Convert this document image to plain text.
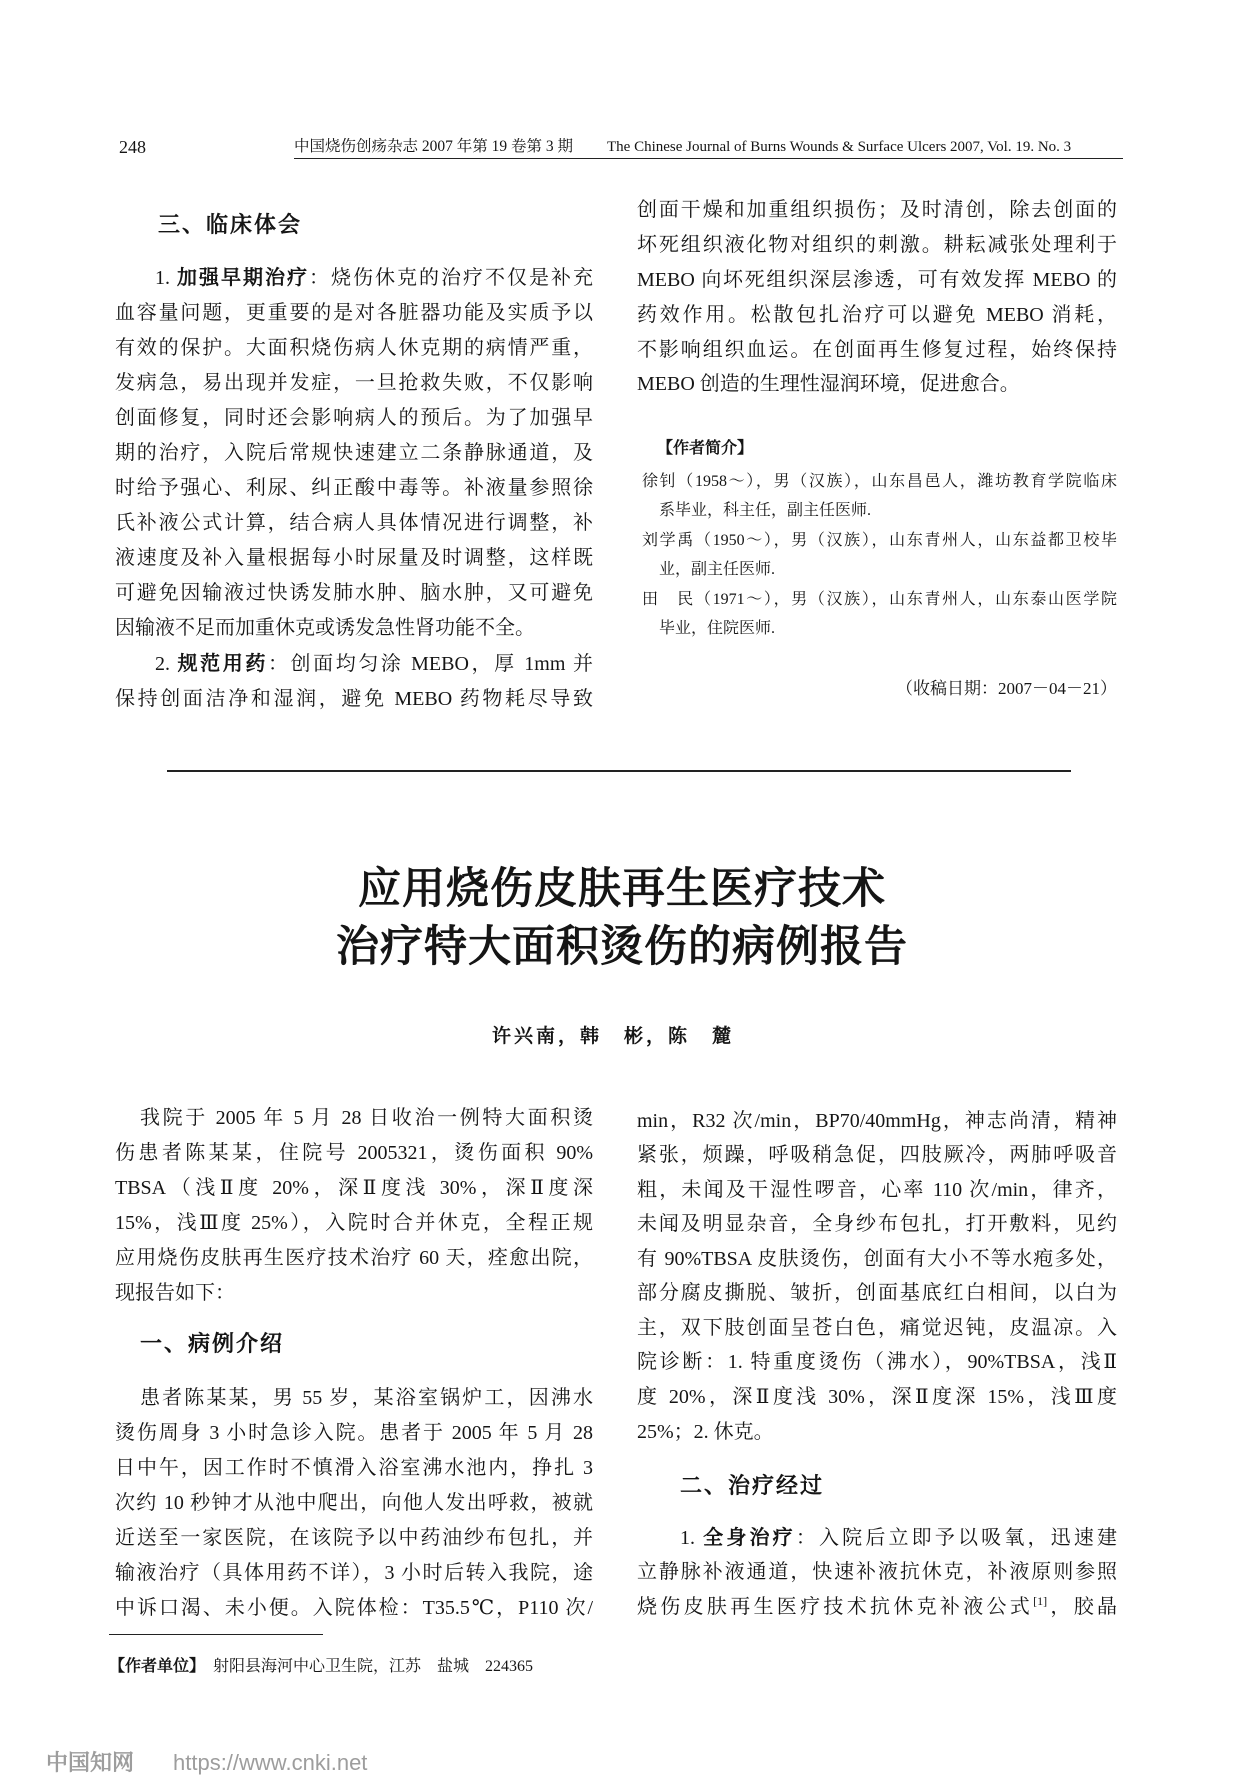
248	中国烧伤创疡杂志 2007 年第 19 卷第 3 期 The Chinese Journal of Burns Wounds & Surface Ulcers 2007, Vol. 19. No. 3
三、临床体会
1. 加强早期治疗：烧伤休克的治疗不仅是补充
血容量问题，更重要的是对各脏器功能及实质予以
有效的保护。大面积烧伤病人休克期的病情严重，
发病急，易出现并发症，一旦抢救失败，不仅影响
创面修复，同时还会影响病人的预后。为了加强早
期的治疗，入院后常规快速建立二条静脉通道，及
时给予强心、利尿、纠正酸中毒等。补液量参照徐
氏补液公式计算，结合病人具体情况进行调整，补
液速度及补入量根据每小时尿量及时调整，这样既
可避免因输液过快诱发肺水肿、脑水肿，又可避免
因输液不足而加重休克或诱发急性肾功能不全。
2. 规范用药：创面均匀涂 MEBO，厚 1mm 并
保持创面洁净和湿润，避免 MEBO 药物耗尽导致
创面干燥和加重组织损伤；及时清创，除去创面的
坏死组织液化物对组织的刺激。耕耘减张处理利于
MEBO 向坏死组织深层渗透，可有效发挥 MEBO 的
药效作用。松散包扎治疗可以避免 MEBO 消耗，
不影响组织血运。在创面再生修复过程，始终保持
MEBO 创造的生理性湿润环境，促进愈合。
【作者简介】
徐钊（1958～），男（汉族），山东昌邑人，潍坊教育学院临床
系毕业，科主任，副主任医师.
刘学禹（1950～），男（汉族），山东青州人，山东益都卫校毕
业，副主任医师.
田　民（1971～），男（汉族），山东青州人，山东泰山医学院
毕业，住院医师.
（收稿日期：2007－04－21）
应用烧伤皮肤再生医疗技术
治疗特大面积烫伤的病例报告
许兴南，韩　彬，陈　麓
我院于 2005 年 5 月 28 日收治一例特大面积烫
伤患者陈某某，住院号 2005321，烫伤面积 90%
TBSA（浅Ⅱ度 20%，深Ⅱ度浅 30%，深Ⅱ度深
15%，浅Ⅲ度 25%），入院时合并休克，全程正规
应用烧伤皮肤再生医疗技术治疗 60 天，痊愈出院，
现报告如下：
一、病例介绍
患者陈某某，男 55 岁，某浴室锅炉工，因沸水
烫伤周身 3 小时急诊入院。患者于 2005 年 5 月 28
日中午，因工作时不慎滑入浴室沸水池内，挣扎 3
次约 10 秒钟才从池中爬出，向他人发出呼救，被就
近送至一家医院，在该院予以中药油纱布包扎，并
输液治疗（具体用药不详），3 小时后转入我院，途
中诉口渴、未小便。入院体检：T35.5℃，P110 次/
【作者单位】　射阳县海河中心卫生院，江苏　盐城　224365
min，R32 次/min，BP70/40mmHg，神志尚清，精神
紧张，烦躁，呼吸稍急促，四肢厥冷，两肺呼吸音
粗，未闻及干湿性啰音，心率 110 次/min，律齐，
未闻及明显杂音，全身纱布包扎，打开敷料，见约
有 90%TBSA 皮肤烫伤，创面有大小不等水疱多处，
部分腐皮撕脱、皱折，创面基底红白相间，以白为
主，双下肢创面呈苍白色，痛觉迟钝，皮温凉。入
院诊断：1. 特重度烫伤（沸水），90%TBSA，浅Ⅱ
度 20%，深Ⅱ度浅 30%，深Ⅱ度深 15%，浅Ⅲ度
25%；2. 休克。
二、治疗经过
1. 全身治疗：入院后立即予以吸氧，迅速建
立静脉补液通道，快速补液抗休克，补液原则参照
烧伤皮肤再生医疗技术抗休克补液公式[1]，胶晶
中国知网 https://www.cnki.net
